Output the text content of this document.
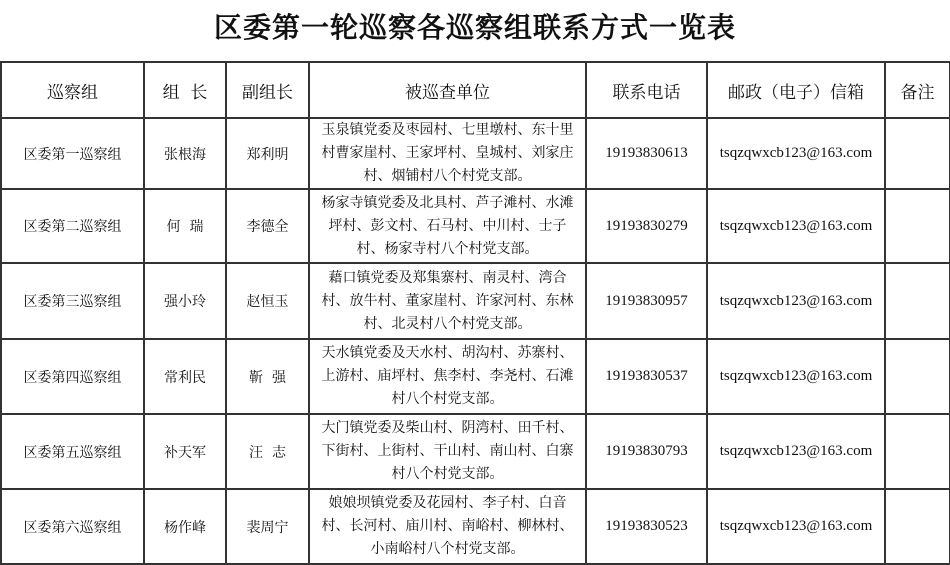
区委第一轮巡察各巡察组联系方式一览表
巡察组	组  长	副组长	被巡查单位	联系电话	邮政（电子）信箱	备注
区委第一巡察组	张根海	郑利明	玉泉镇党委及枣园村、七里墩村、东十里村曹家崖村、王家坪村、皇城村、刘家庄村、烟铺村八个村党支部。	19193830613	tsqzqwxcb123@163.com	
区委第二巡察组	何  瑞	李德全	杨家寺镇党委及北具村、芦子滩村、水滩坪村、彭文村、石马村、中川村、士子村、杨家寺村八个村党支部。	19193830279	tsqzqwxcb123@163.com	
区委第三巡察组	强小玲	赵恒玉	藉口镇党委及郑集寨村、南灵村、湾合村、放牛村、董家崖村、许家河村、东林村、北灵村八个村党支部。	19193830957	tsqzqwxcb123@163.com	
区委第四巡察组	常利民	靳  强	天水镇党委及天水村、胡沟村、苏寨村、上游村、庙坪村、焦李村、李尧村、石滩村八个村党支部。	19193830537	tsqzqwxcb123@163.com	
区委第五巡察组	补天军	汪  志	大门镇党委及柴山村、阴湾村、田千村、下街村、上街村、干山村、南山村、白寨村八个村党支部。	19193830793	tsqzqwxcb123@163.com	
区委第六巡察组	杨作峰	裴周宁	娘娘坝镇党委及花园村、李子村、白音村、长河村、庙川村、南峪村、柳林村、小南峪村八个村党支部。	19193830523	tsqzqwxcb123@163.com	
